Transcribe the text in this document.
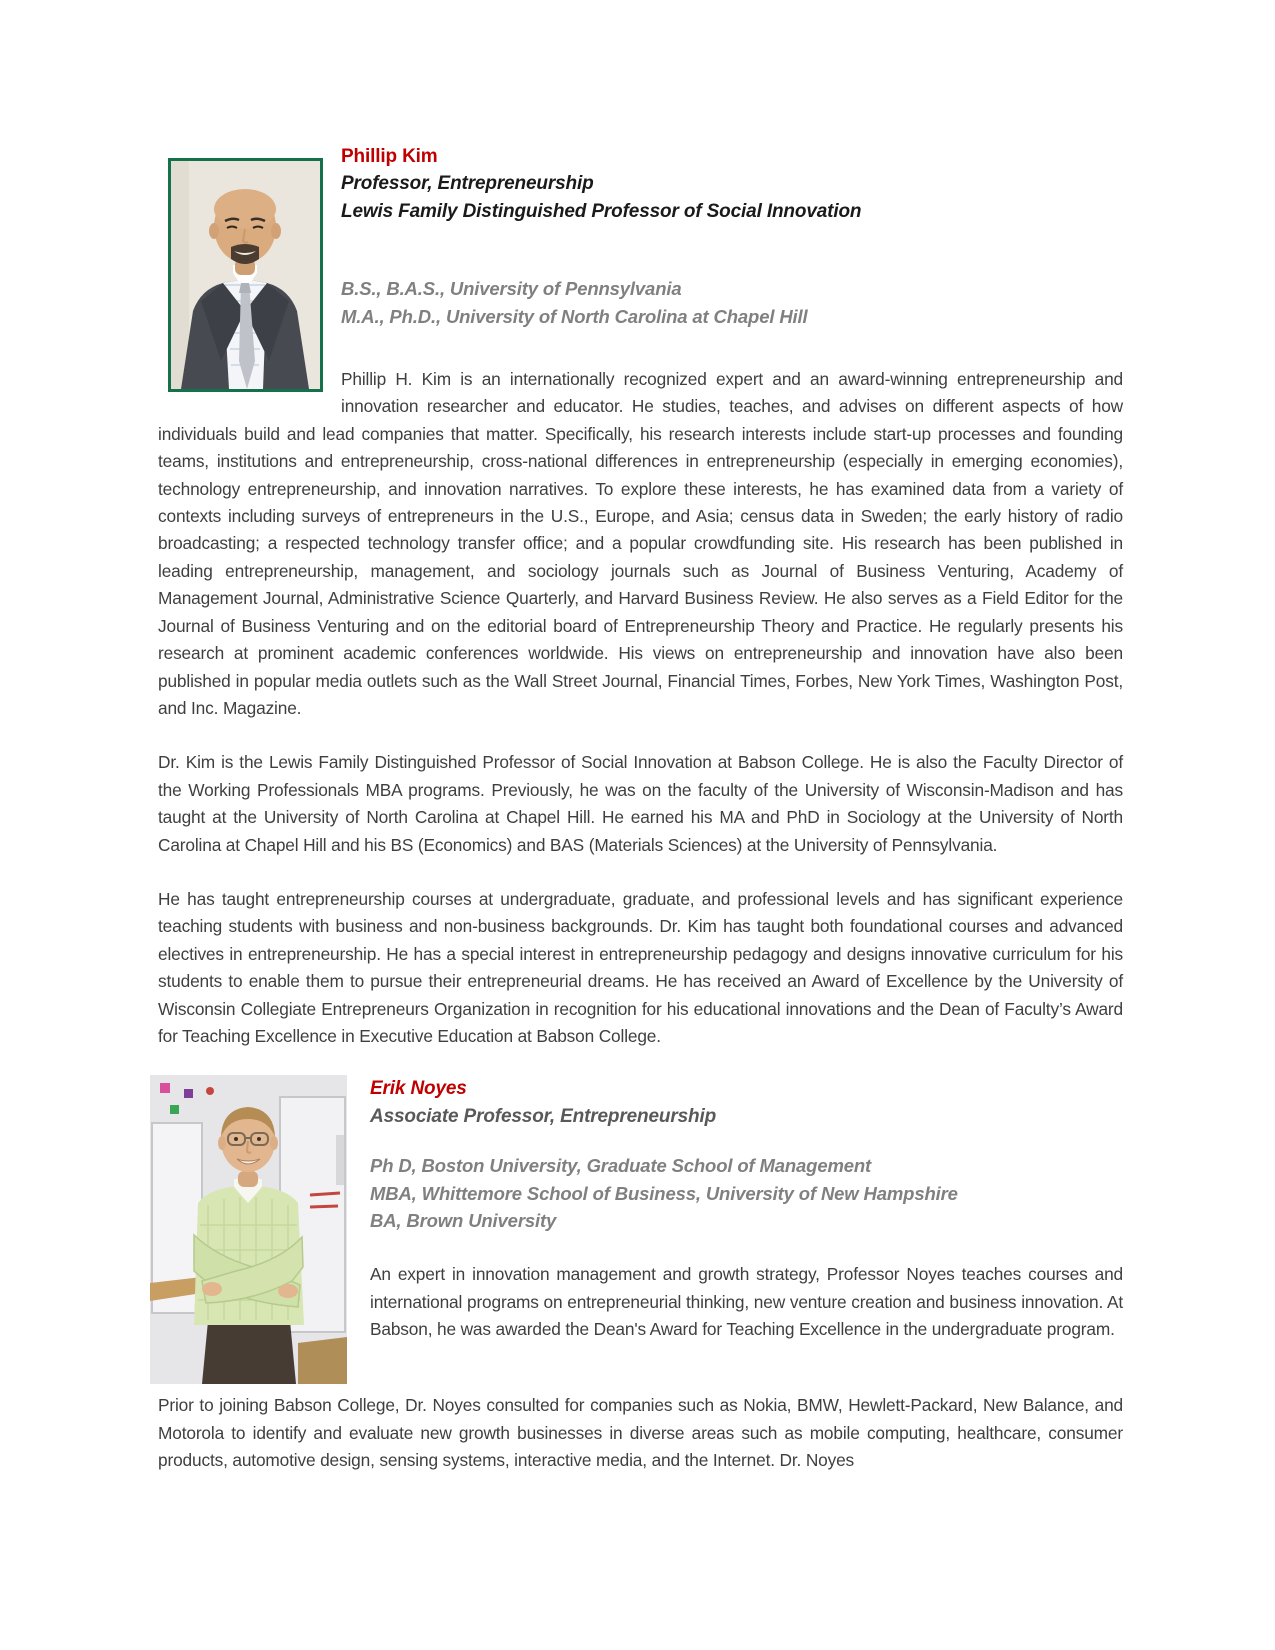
Phillip Kim
Professor, Entrepreneurship
Lewis Family Distinguished Professor of Social Innovation
B.S., B.A.S., University of Pennsylvania
M.A., Ph.D., University of North Carolina at Chapel Hill

Phillip H. Kim is an internationally recognized expert and an award-winning entrepreneurship and innovation researcher and educator. He studies, teaches, and advises on different aspects of how individuals build and lead companies that matter. Specifically, his research interests include start-up processes and founding teams, institutions and entrepreneurship, cross-national differences in entrepreneurship (especially in emerging economies), technology entrepreneurship, and innovation narratives. To explore these interests, he has examined data from a variety of contexts including surveys of entrepreneurs in the U.S., Europe, and Asia; census data in Sweden; the early history of radio broadcasting; a respected technology transfer office; and a popular crowdfunding site. His research has been published in leading entrepreneurship, management, and sociology journals such as Journal of Business Venturing, Academy of Management Journal, Administrative Science Quarterly, and Harvard Business Review. He also serves as a Field Editor for the Journal of Business Venturing and on the editorial board of Entrepreneurship Theory and Practice. He regularly presents his research at prominent academic conferences worldwide. His views on entrepreneurship and innovation have also been published in popular media outlets such as the Wall Street Journal, Financial Times, Forbes, New York Times, Washington Post, and Inc. Magazine.

Dr. Kim is the Lewis Family Distinguished Professor of Social Innovation at Babson College. He is also the Faculty Director of the Working Professionals MBA programs. Previously, he was on the faculty of the University of Wisconsin-Madison and has taught at the University of North Carolina at Chapel Hill. He earned his MA and PhD in Sociology at the University of North Carolina at Chapel Hill and his BS (Economics) and BAS (Materials Sciences) at the University of Pennsylvania.

He has taught entrepreneurship courses at undergraduate, graduate, and professional levels and has significant experience teaching students with business and non-business backgrounds. Dr. Kim has taught both foundational courses and advanced electives in entrepreneurship. He has a special interest in entrepreneurship pedagogy and designs innovative curriculum for his students to enable them to pursue their entrepreneurial dreams. He has received an Award of Excellence by the University of Wisconsin Collegiate Entrepreneurs Organization in recognition for his educational innovations and the Dean of Faculty’s Award for Teaching Excellence in Executive Education at Babson College.

Erik Noyes
Associate Professor, Entrepreneurship
Ph D, Boston University, Graduate School of Management
MBA, Whittemore School of Business, University of New Hampshire
BA, Brown University

An expert in innovation management and growth strategy, Professor Noyes teaches courses and international programs on entrepreneurial thinking, new venture creation and business innovation. At Babson, he was awarded the Dean's Award for Teaching Excellence in the undergraduate program.

Prior to joining Babson College, Dr. Noyes consulted for companies such as Nokia, BMW, Hewlett-Packard, New Balance, and Motorola to identify and evaluate new growth businesses in diverse areas such as mobile computing, healthcare, consumer products, automotive design, sensing systems, interactive media, and the Internet. Dr. Noyes
